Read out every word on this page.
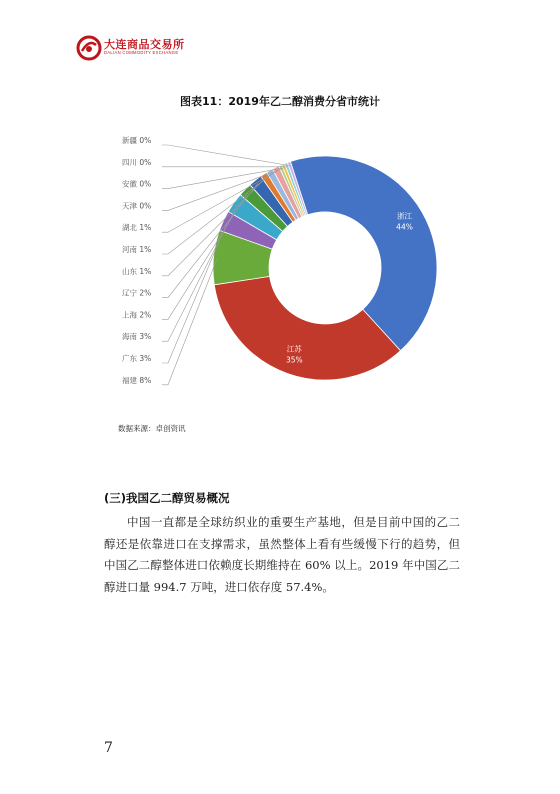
大连商品交易所
DALIAN COMMODITY EXCHANGE
图表11：2019年乙二醇消费分省市统计
浙江
44%
江苏
35%
新疆 0%
四川 0%
安徽 0%
天津 0%
湖北 1%
河南 1%
山东 1%
辽宁 2%
上海 2%
海南 3%
广东 3%
福建 8%
数据来源：卓创资讯
(三)我国乙二醇贸易概况
中国一直都是全球纺织业的重要生产基地，但是目前中国的乙二醇还是依靠进口在支撑需求，虽然整体上看有些缓慢下行的趋势，但中国乙二醇整体进口依赖度长期维持在 60% 以上。2019 年中国乙二醇进口量 994.7 万吨，进口依存度 57.4%。
7
